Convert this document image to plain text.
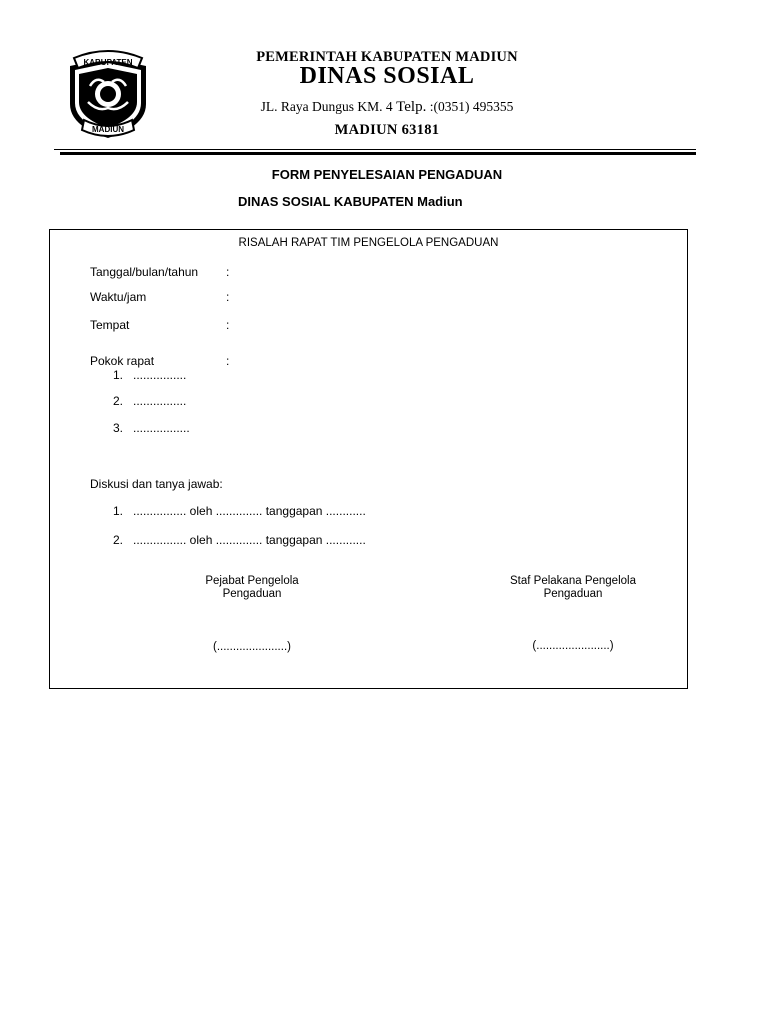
KABUPATEN
MADIUN
PEMERINTAH KABUPATEN MADIUN
DINAS SOSIAL
JL. Raya Dungus KM. 4 Telp. :(0351) 495355
MADIUN 63181
FORM PENYELESAIAN PENGADUAN
DINAS SOSIAL KABUPATEN Madiun
RISALAH RAPAT TIM PENGELOLA PENGADUAN
Tanggal/bulan/tahun :
Waktu/jam	:
Tempat	:
Pokok rapat	:
1. ................
2. ................
3. .................
Diskusi dan tanya jawab:
1. ................ oleh .............. tanggapan ............
2. ................ oleh .............. tanggapan ............
Pejabat Pengelola
Pengaduan
(......................)
Staf Pelakana Pengelola
Pengaduan
(.......................)
